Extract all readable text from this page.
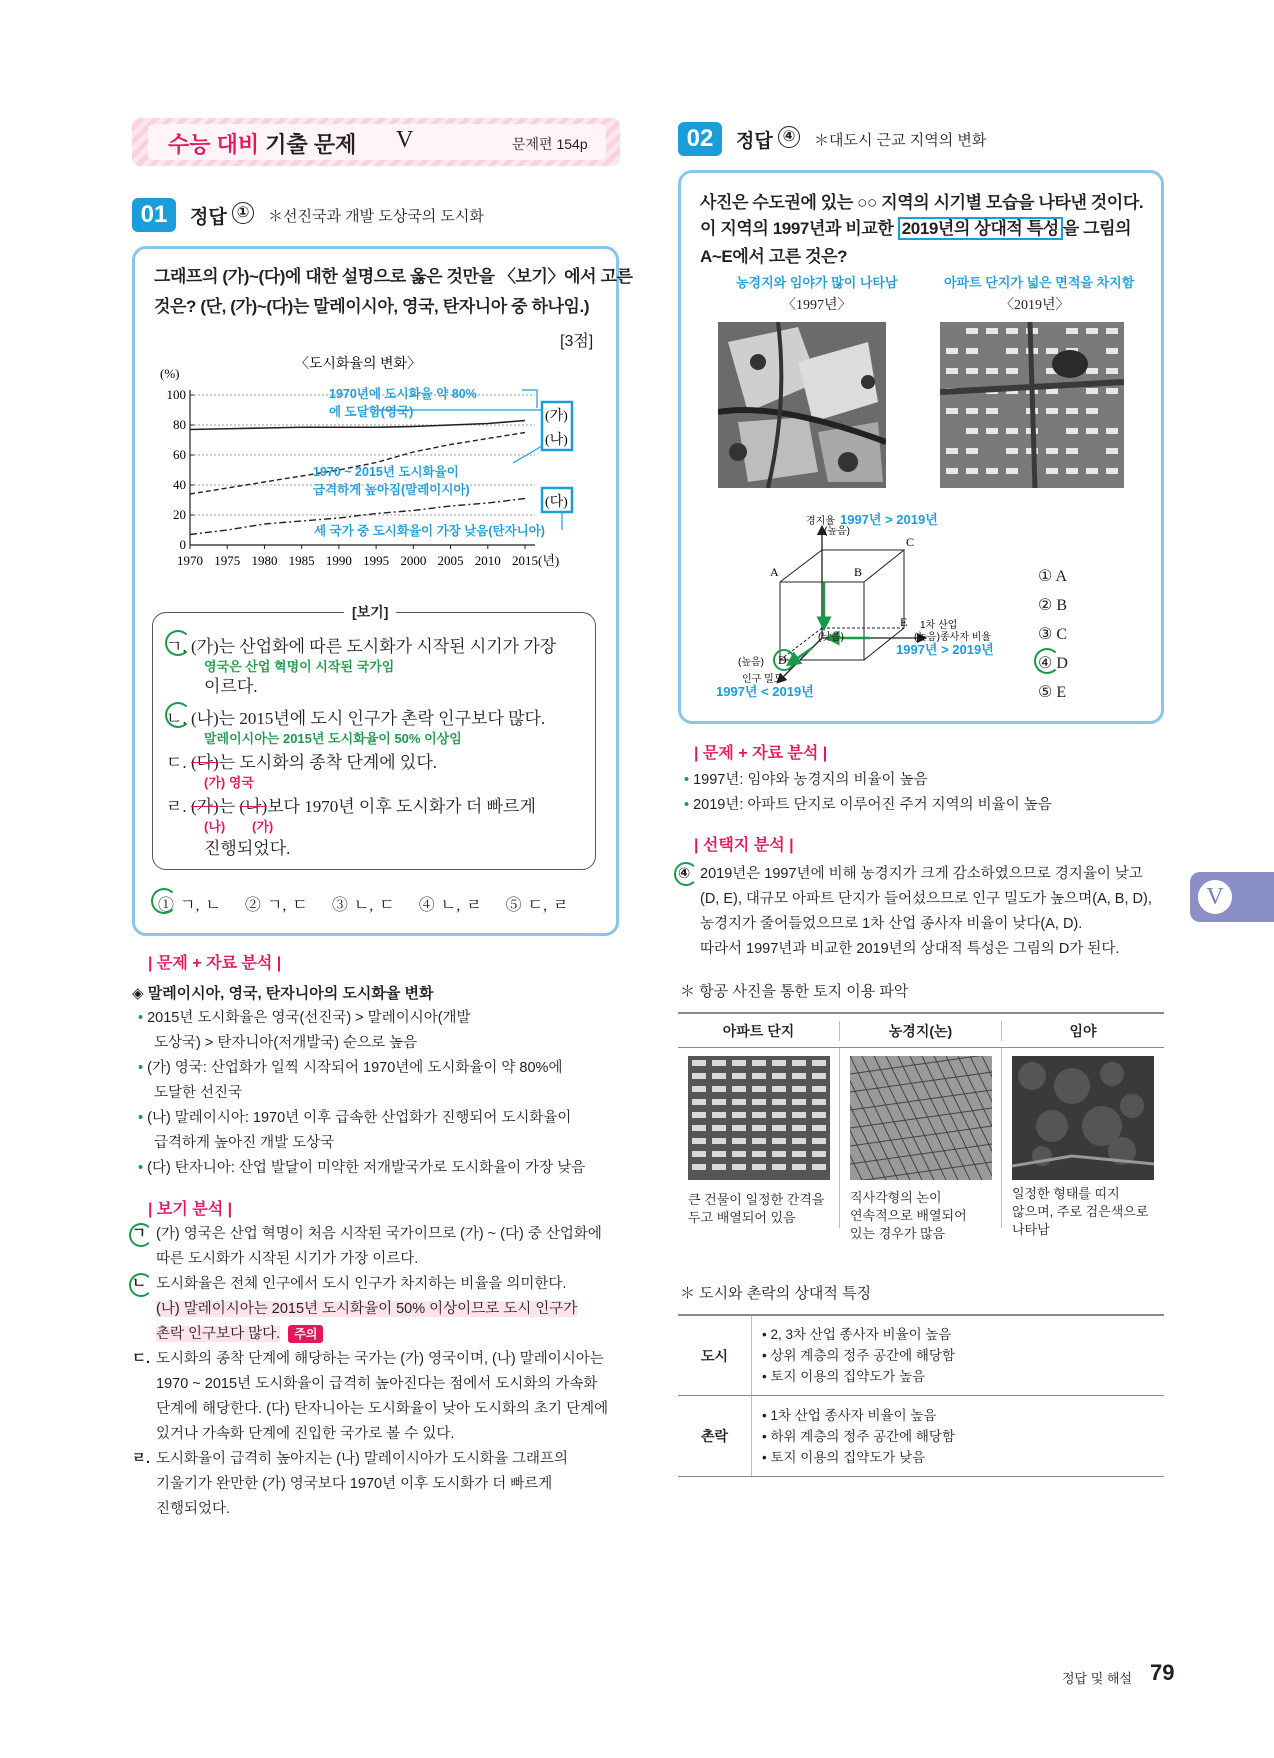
수능 대비 기출 문제 V	문제편 154p
01	정답 ①	＊선진국과 개발 도상국의 도시화
그래프의 (가)~(다)에 대한 설명으로 옳은 것만을 〈보기〉에서 고른
것은? (단, (가)~(다)는 말레이시아, 영국, 탄자니아 중 하나임.)
[3점]
〈도시화율의 변화〉
(%)
100
80
60
40
20
0
1970 1975 1980 1985 1990 1995 2000 2005 2010 2015(년)
1970년에 도시화율 약 80%
에 도달함(영국)
1970 ~ 2015년 도시화율이
급격하게 높아짐(말레이시아)
세 국가 중 도시화율이 가장 낮음(탄자니아)
(가)
(나)
(다)
[보기]
ㄱ. (가)는 산업화에 따른 도시화가 시작된 시기가 가장
영국은 산업 혁명이 시작된 국가임
이르다.
ㄴ. (나)는 2015년에 도시 인구가 촌락 인구보다 많다.
말레이시아는 2015년 도시화율이 50% 이상임
ㄷ. (다)는 도시화의 종착 단계에 있다.
(가) 영국
ㄹ. (가)는 (나)보다 1970년 이후 도시화가 더 빠르게
(나) (가)
진행되었다.
① ㄱ, ㄴ    ② ㄱ, ㄷ    ③ ㄴ, ㄷ    ④ ㄴ, ㄹ    ⑤ ㄷ, ㄹ
| 문제 + 자료 분석 |
◈ 말레이시아, 영국, 탄자니아의 도시화율 변화
• 2015년 도시화율은 영국(선진국) > 말레이시아(개발
도상국) > 탄자니아(저개발국) 순으로 높음
• (가) 영국: 산업화가 일찍 시작되어 1970년에 도시화율이 약 80%에
도달한 선진국
• (나) 말레이시아: 1970년 이후 급속한 산업화가 진행되어 도시화율이
급격하게 높아진 개발 도상국
• (다) 탄자니아: 산업 발달이 미약한 저개발국가로 도시화율이 가장 낮음
| 보기 분석 |
ㄱ (가) 영국은 산업 혁명이 처음 시작된 국가이므로 (가) ~ (다) 중 산업화에
따른 도시화가 시작된 시기가 가장 이르다.
ㄴ 도시화율은 전체 인구에서 도시 인구가 차지하는 비율을 의미한다.
(나) 말레이시아는 2015년 도시화율이 50% 이상이므로 도시 인구가
촌락 인구보다 많다. 주의
ㄷ. 도시화의 종착 단계에 해당하는 국가는 (가) 영국이며, (나) 말레이시아는
1970 ~ 2015년 도시화율이 급격히 높아진다는 점에서 도시화의 가속화
단계에 해당한다. (다) 탄자니아는 도시화율이 낮아 도시화의 초기 단계에
있거나 가속화 단계에 진입한 국가로 볼 수 있다.
ㄹ. 도시화율이 급격히 높아지는 (나) 말레이시아가 도시화율 그래프의
기울기가 완만한 (가) 영국보다 1970년 이후 도시화가 더 빠르게
진행되었다.
02	정답 ④	＊대도시 근교 지역의 변화
사진은 수도권에 있는 ○○ 지역의 시기별 모습을 나타낸 것이다.
이 지역의 1997년과 비교한 2019년의 상대적 특성 을 그림의
A~E에서 고른 것은?
농경지와 임야가 많이 나타남	아파트 단지가 넓은 면적을 차지함
〈1997년〉	〈2019년〉
A	B
C
D
E
경지율
(높음)
1차 산업
종사자 비율
(높음)
(높음)
인구 밀도
(낮음)
1997년 > 2019년
1997년 > 2019년
1997년 < 2019년
① A
② B
③ C
④ D
⑤ E
| 문제 + 자료 분석 |
• 1997년: 임야와 농경지의 비율이 높음
• 2019년: 아파트 단지로 이루어진 주거 지역의 비율이 높음
| 선택지 분석 |
④ 2019년은 1997년에 비해 농경지가 크게 감소하였으므로 경지율이 낮고
(D, E), 대규모 아파트 단지가 들어섰으므로 인구 밀도가 높으며(A, B, D),
농경지가 줄어들었으므로 1차 산업 종사자 비율이 낮다(A, D).
따라서 1997년과 비교한 2019년의 상대적 특성은 그림의 D가 된다.
＊ 항공 사진을 통한 토지 이용 파악
아파트 단지	농경지(논)	임야
큰 건물이 일정한 간격을
두고 배열되어 있음
직사각형의 논이
연속적으로 배열되어
있는 경우가 많음
일정한 형태를 띠지
않으며, 주로 검은색으로
나타남
＊ 도시와 촌락의 상대적 특징
도시
• 2, 3차 산업 종사자 비율이 높음
• 상위 계층의 정주 공간에 해당함
• 토지 이용의 집약도가 높음
촌락
• 1차 산업 종사자 비율이 높음
• 하위 계층의 정주 공간에 해당함
• 토지 이용의 집약도가 낮음
V
정답 및 해설 79
